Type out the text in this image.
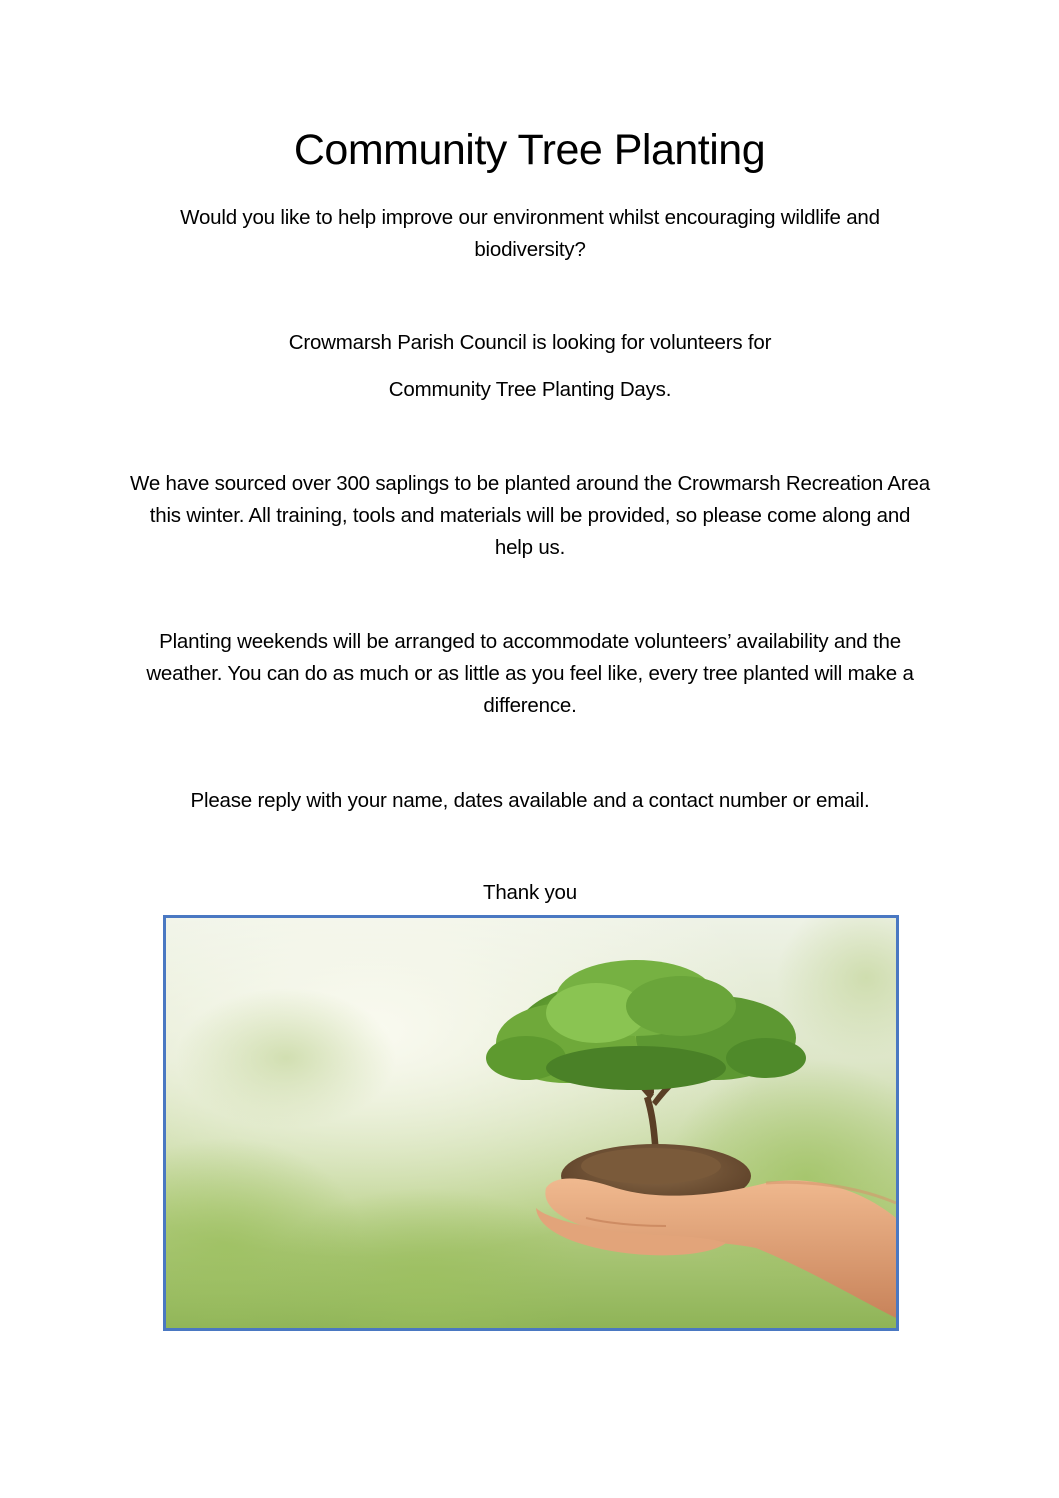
Community Tree Planting

Would you like to help improve our environment whilst encouraging wildlife and biodiversity?

Crowmarsh Parish Council is looking for volunteers for

Community Tree Planting Days.

We have sourced over 300 saplings to be planted around the Crowmarsh Recreation Area this winter. All training, tools and materials will be provided, so please come along and help us.

Planting weekends will be arranged to accommodate volunteers’ availability and the weather. You can do as much or as little as you feel like, every tree planted will make a difference.

Please reply with your name, dates available and a contact number or email.

Thank you
